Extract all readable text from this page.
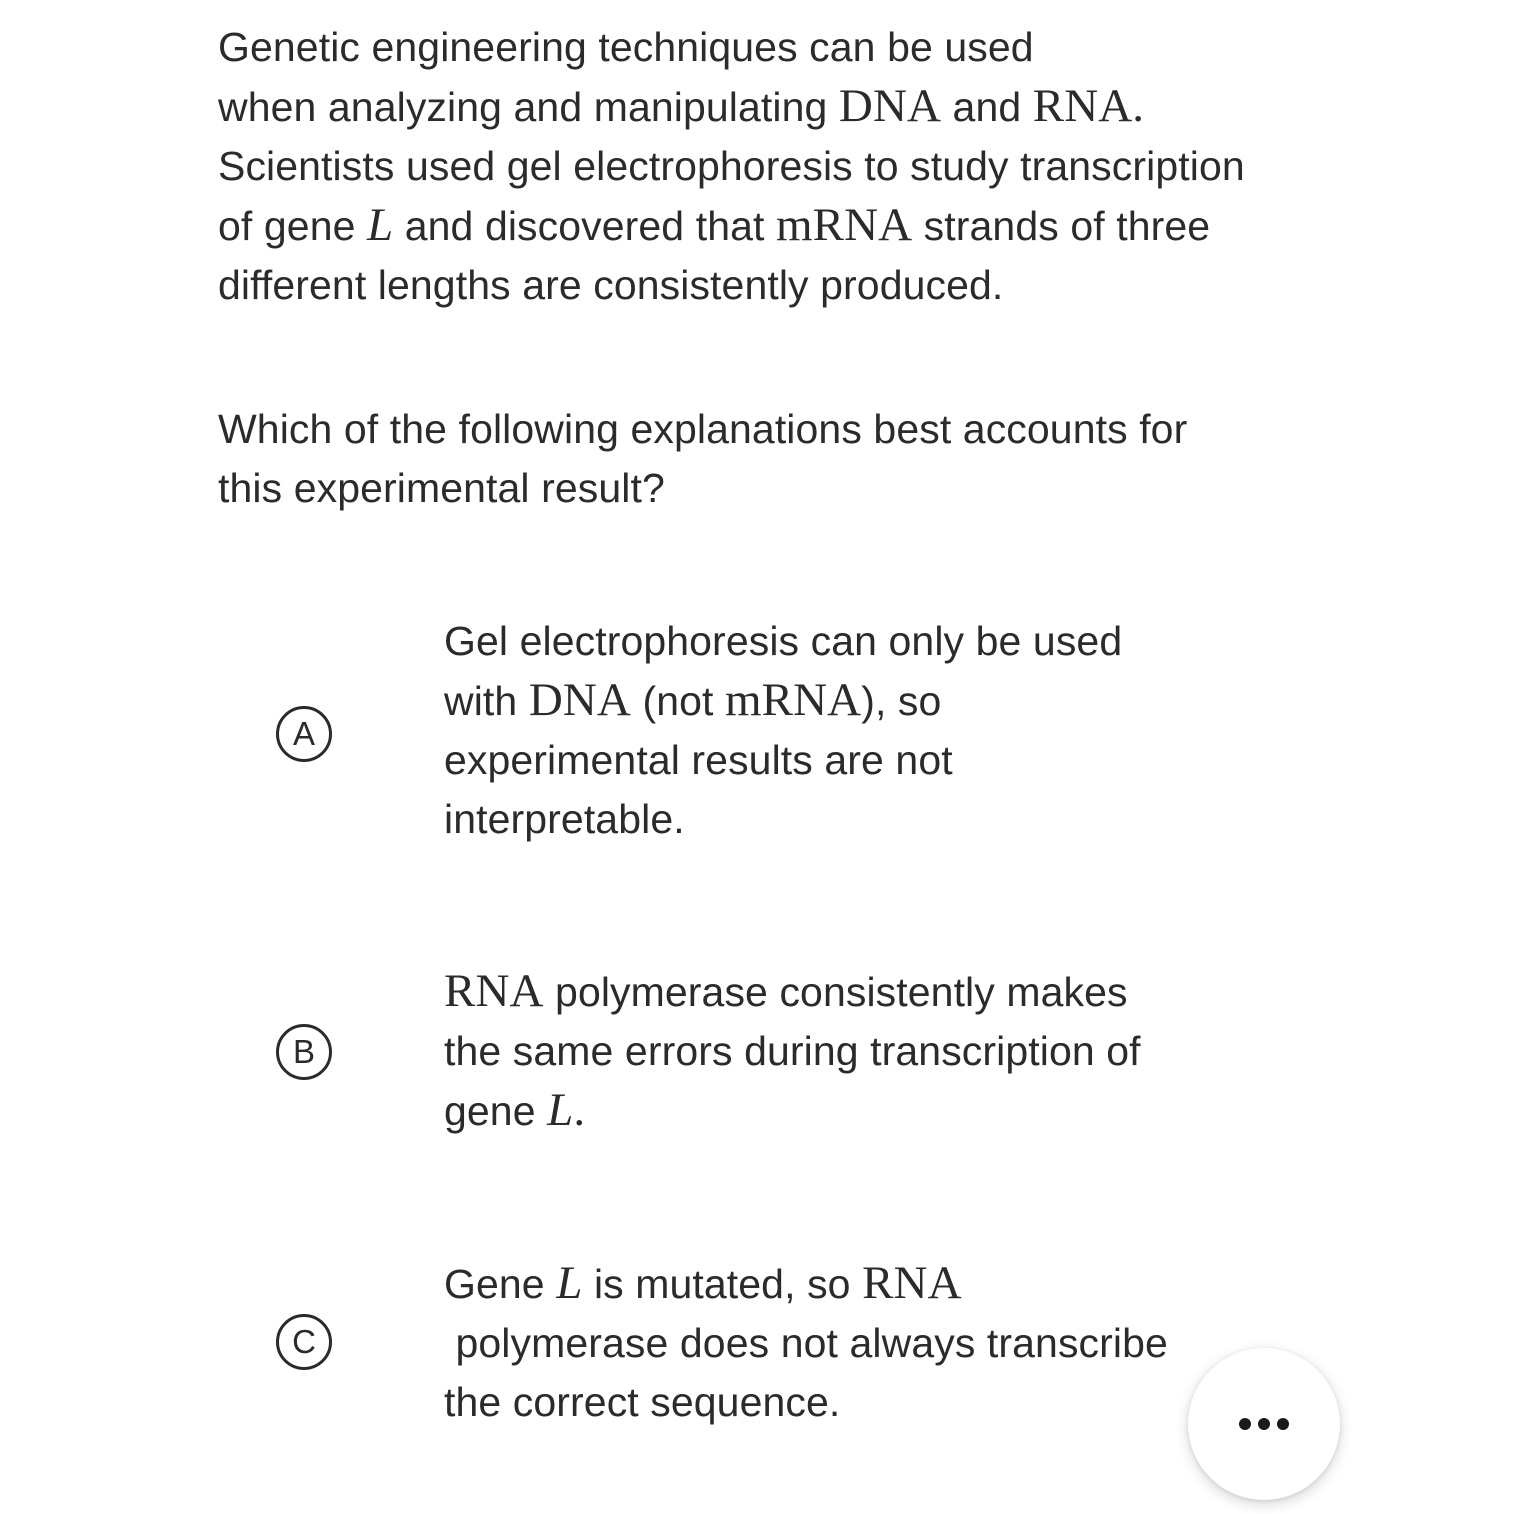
Genetic engineering techniques can be used
when analyzing and manipulating DNA and RNA.
Scientists used gel electrophoresis to study transcription
of gene L and discovered that mRNA strands of three
different lengths are consistently produced.
Which of the following explanations best accounts for
this experimental result?
A
Gel electrophoresis can only be used
with DNA (not mRNA), so
experimental results are not
interpretable.
B
RNA polymerase consistently makes
the same errors during transcription of
gene L.
C
Gene L is mutated, so RNA
polymerase does not always transcribe
the correct sequence.
